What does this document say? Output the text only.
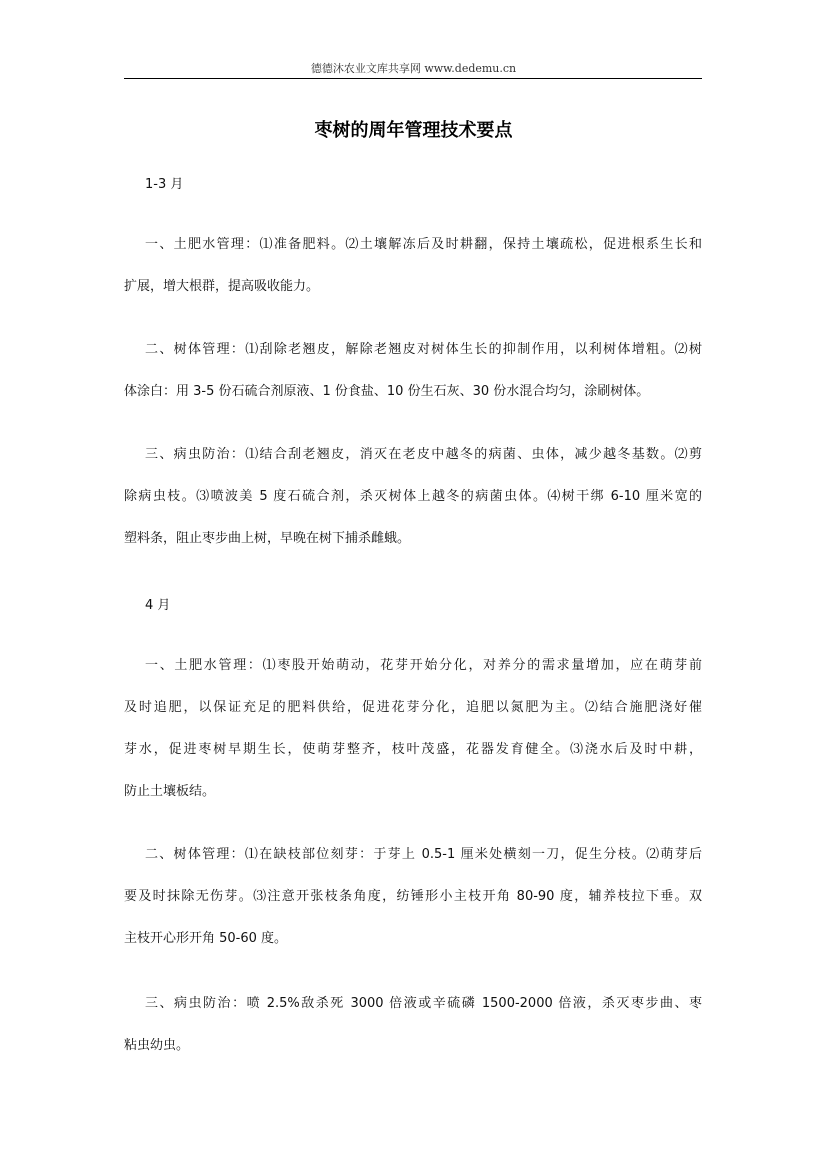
德德沐农业文库共享网 www.dedemu.cn
枣树的周年管理技术要点
1-3 月
一、土肥水管理：⑴准备肥料。⑵土壤解冻后及时耕翻，保持土壤疏松，促进根系生长和
扩展，增大根群，提高吸收能力。
二、树体管理：⑴刮除老翘皮，解除老翘皮对树体生长的抑制作用，以利树体增粗。⑵树
体涂白：用 3-5 份石硫合剂原液、1 份食盐、10 份生石灰、30 份水混合均匀，涂刷树体。
三、病虫防治：⑴结合刮老翘皮，消灭在老皮中越冬的病菌、虫体，减少越冬基数。⑵剪
除病虫枝。⑶喷波美 5 度石硫合剂，杀灭树体上越冬的病菌虫体。⑷树干绑 6-10 厘米宽的
塑料条，阻止枣步曲上树，早晚在树下捕杀雌蛾。
4 月
一、土肥水管理：⑴枣股开始萌动，花芽开始分化，对养分的需求量增加，应在萌芽前
及时追肥，以保证充足的肥料供给，促进花芽分化，追肥以氮肥为主。⑵结合施肥浇好催
芽水，促进枣树早期生长，使萌芽整齐，枝叶茂盛，花器发育健全。⑶浇水后及时中耕，
防止土壤板结。
二、树体管理：⑴在缺枝部位刻芽：于芽上 0.5-1 厘米处横刻一刀，促生分枝。⑵萌芽后
要及时抹除无伤芽。⑶注意开张枝条角度，纺锤形小主枝开角 80-90 度，辅养枝拉下垂。双
主枝开心形开角 50-60 度。
三、病虫防治：喷 2.5%敌杀死 3000 倍液或辛硫磷 1500-2000 倍液，杀灭枣步曲、枣
粘虫幼虫。
